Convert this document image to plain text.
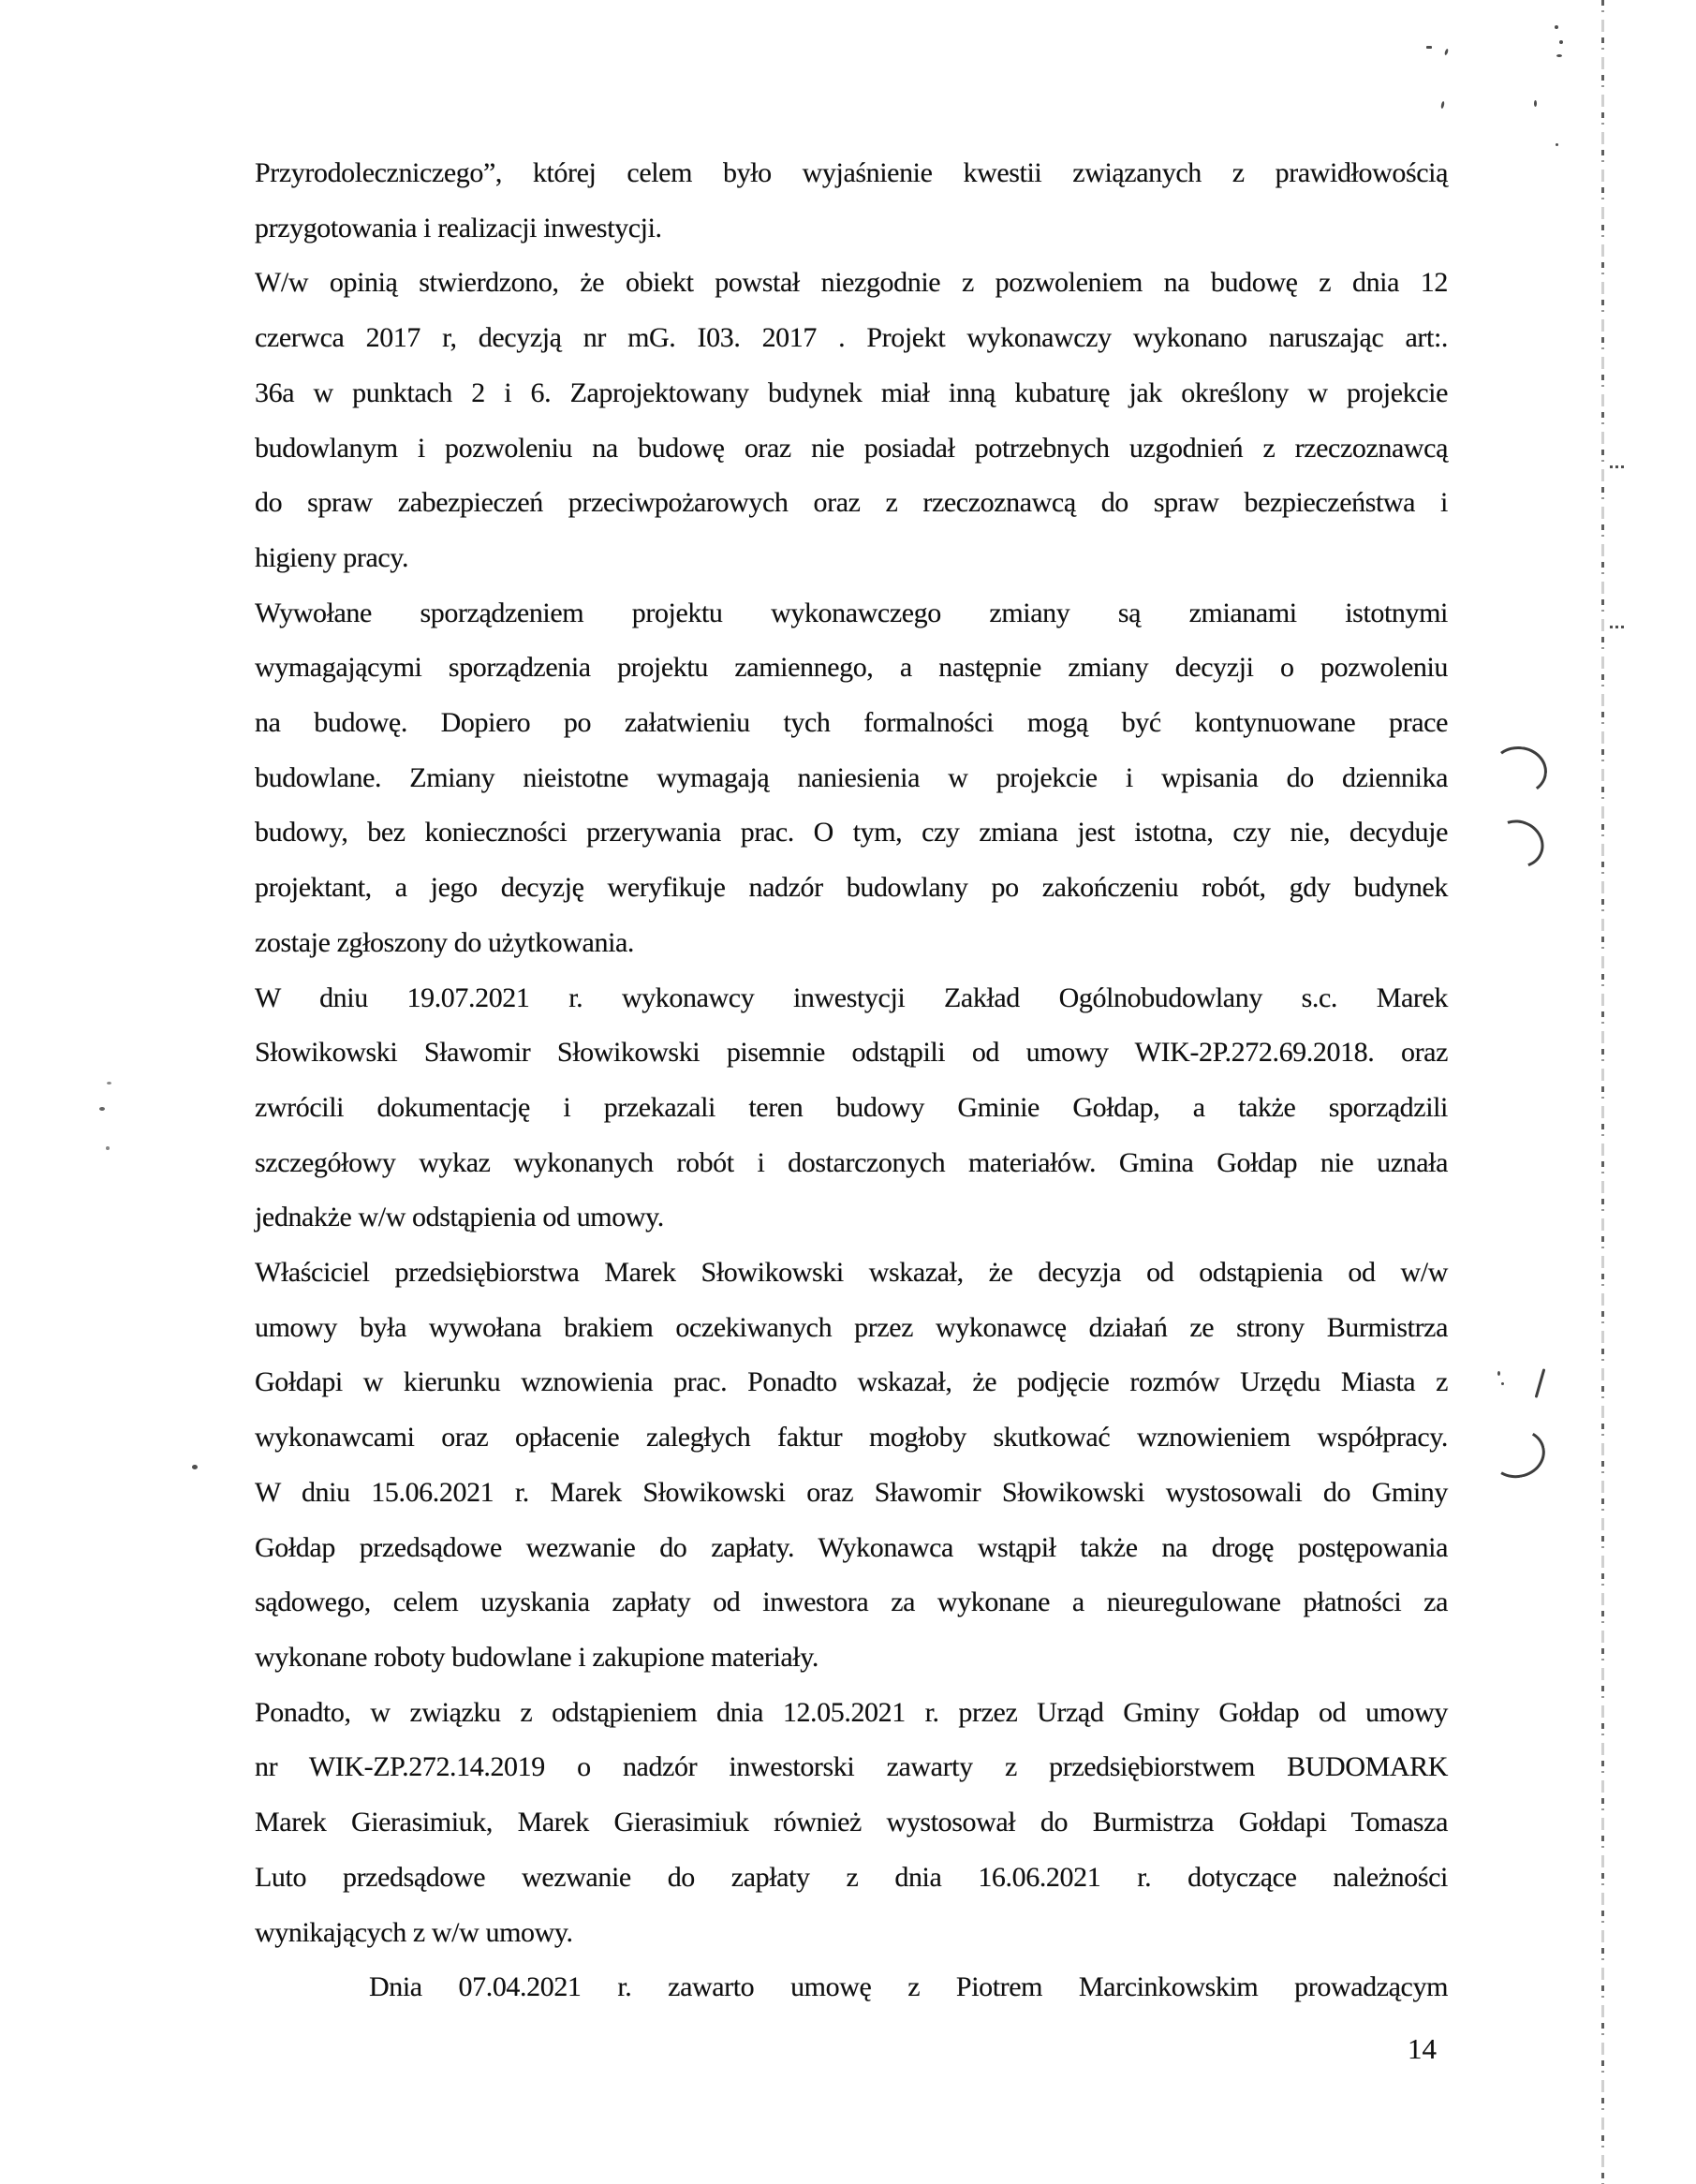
Przyrodoleczniczego”, której celem było wyjaśnienie kwestii związanych z prawidłowością
przygotowania i realizacji inwestycji.
W/w opinią stwierdzono, że obiekt powstał niezgodnie z pozwoleniem na budowę z dnia 12
czerwca 2017 r, decyzją nr mG. I03. 2017 . Projekt wykonawczy wykonano naruszając art:.
36a w punktach 2 i 6. Zaprojektowany budynek miał inną kubaturę jak określony w projekcie
budowlanym i pozwoleniu na budowę oraz nie posiadał potrzebnych uzgodnień z rzeczoznawcą
do spraw zabezpieczeń przeciwpożarowych oraz z rzeczoznawcą do spraw bezpieczeństwa i
higieny pracy.
Wywołane sporządzeniem projektu wykonawczego zmiany są zmianami istotnymi
wymagającymi sporządzenia projektu zamiennego, a następnie zmiany decyzji o pozwoleniu
na budowę. Dopiero po załatwieniu tych formalności mogą być kontynuowane prace
budowlane. Zmiany nieistotne wymagają naniesienia w projekcie i wpisania do dziennika
budowy, bez konieczności przerywania prac. O tym, czy zmiana jest istotna, czy nie, decyduje
projektant, a jego decyzję weryfikuje nadzór budowlany po zakończeniu robót, gdy budynek
zostaje zgłoszony do użytkowania.
W dniu 19.07.2021 r. wykonawcy inwestycji Zakład Ogólnobudowlany s.c. Marek
Słowikowski Sławomir Słowikowski pisemnie odstąpili od umowy WIK-2P.272.69.2018. oraz
zwrócili dokumentację i przekazali teren budowy Gminie Gołdap, a także sporządzili
szczegółowy wykaz wykonanych robót i dostarczonych materiałów. Gmina Gołdap nie uznała
jednakże w/w odstąpienia od umowy.
Właściciel przedsiębiorstwa Marek Słowikowski wskazał, że decyzja od odstąpienia od w/w
umowy była wywołana brakiem oczekiwanych przez wykonawcę działań ze strony Burmistrza
Gołdapi w kierunku wznowienia prac. Ponadto wskazał, że podjęcie rozmów Urzędu Miasta z
wykonawcami oraz opłacenie zaległych faktur mogłoby skutkować wznowieniem współpracy.
W dniu 15.06.2021 r. Marek Słowikowski oraz Sławomir Słowikowski wystosowali do Gminy
Gołdap przedsądowe wezwanie do zapłaty. Wykonawca wstąpił także na drogę postępowania
sądowego, celem uzyskania zapłaty od inwestora za wykonane a nieuregulowane płatności za
wykonane roboty budowlane i zakupione materiały.
Ponadto, w związku z odstąpieniem dnia 12.05.2021 r. przez Urząd Gminy Gołdap od umowy
nr WIK-ZP.272.14.2019 o nadzór inwestorski zawarty z przedsiębiorstwem BUDOMARK
Marek Gierasimiuk, Marek Gierasimiuk również wystosował do Burmistrza Gołdapi Tomasza
Luto przedsądowe wezwanie do zapłaty z dnia 16.06.2021 r. dotyczące należności
wynikających z w/w umowy.
Dnia 07.04.2021 r. zawarto umowę z Piotrem Marcinkowskim prowadzącym
14
